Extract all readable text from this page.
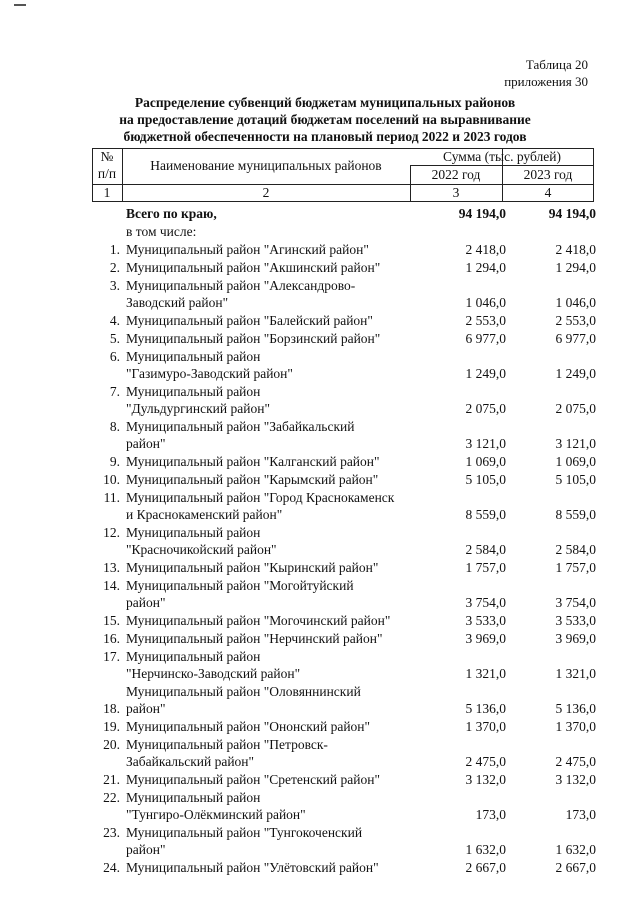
Таблица 20
приложения 30
Распределение субвенций бюджетам муниципальных районов
на предоставление дотаций бюджетам поселений на выравнивание
бюджетной обеспеченности на плановый период 2022 и 2023 годов
№
п/п
Наименование муниципальных районов
Сумма (тыс. рублей)
2022 год	2023 год
1	2	3	4
Всего по краю,	94 194,0	94 194,0
в том числе:
1. Муниципальный район "Агинский район"	2 418,0	2 418,0
2. Муниципальный район "Акшинский район"	1 294,0	1 294,0
3. Муниципальный район "Александрово-
Заводский район"	1 046,0	1 046,0
4. Муниципальный район "Балейский район"	2 553,0	2 553,0
5. Муниципальный район "Борзинский район"	6 977,0	6 977,0
6. Муниципальный район
"Газимуро-Заводский район"	1 249,0	1 249,0
7. Муниципальный район
"Дульдургинский район"	2 075,0	2 075,0
8. Муниципальный район "Забайкальский
район"	3 121,0	3 121,0
9. Муниципальный район "Калганский район"	1 069,0	1 069,0
10. Муниципальный район "Карымский район"	5 105,0	5 105,0
11. Муниципальный район "Город Краснокаменск
и Краснокаменский район"	8 559,0	8 559,0
12. Муниципальный район
"Красночикойский район"	2 584,0	2 584,0
13. Муниципальный район "Кыринский район"	1 757,0	1 757,0
14. Муниципальный район "Могойтуйский
район"	3 754,0	3 754,0
15. Муниципальный район "Могочинский район"	3 533,0	3 533,0
16. Муниципальный район "Нерчинский район"	3 969,0	3 969,0
17. Муниципальный район
"Нерчинско-Заводский район"	1 321,0	1 321,0
18.
Муниципальный район "Оловяннинский
район"	5 136,0	5 136,0
19. Муниципальный район "Ононский район"	1 370,0	1 370,0
20. Муниципальный район "Петровск-
Забайкальский район"	2 475,0	2 475,0
21. Муниципальный район "Сретенский район"	3 132,0	3 132,0
22. Муниципальный район
"Тунгиро-Олёкминский район"	173,0	173,0
23. Муниципальный район "Тунгокоченский
район"	1 632,0	1 632,0
24. Муниципальный район "Улётовский район"	2 667,0	2 667,0
